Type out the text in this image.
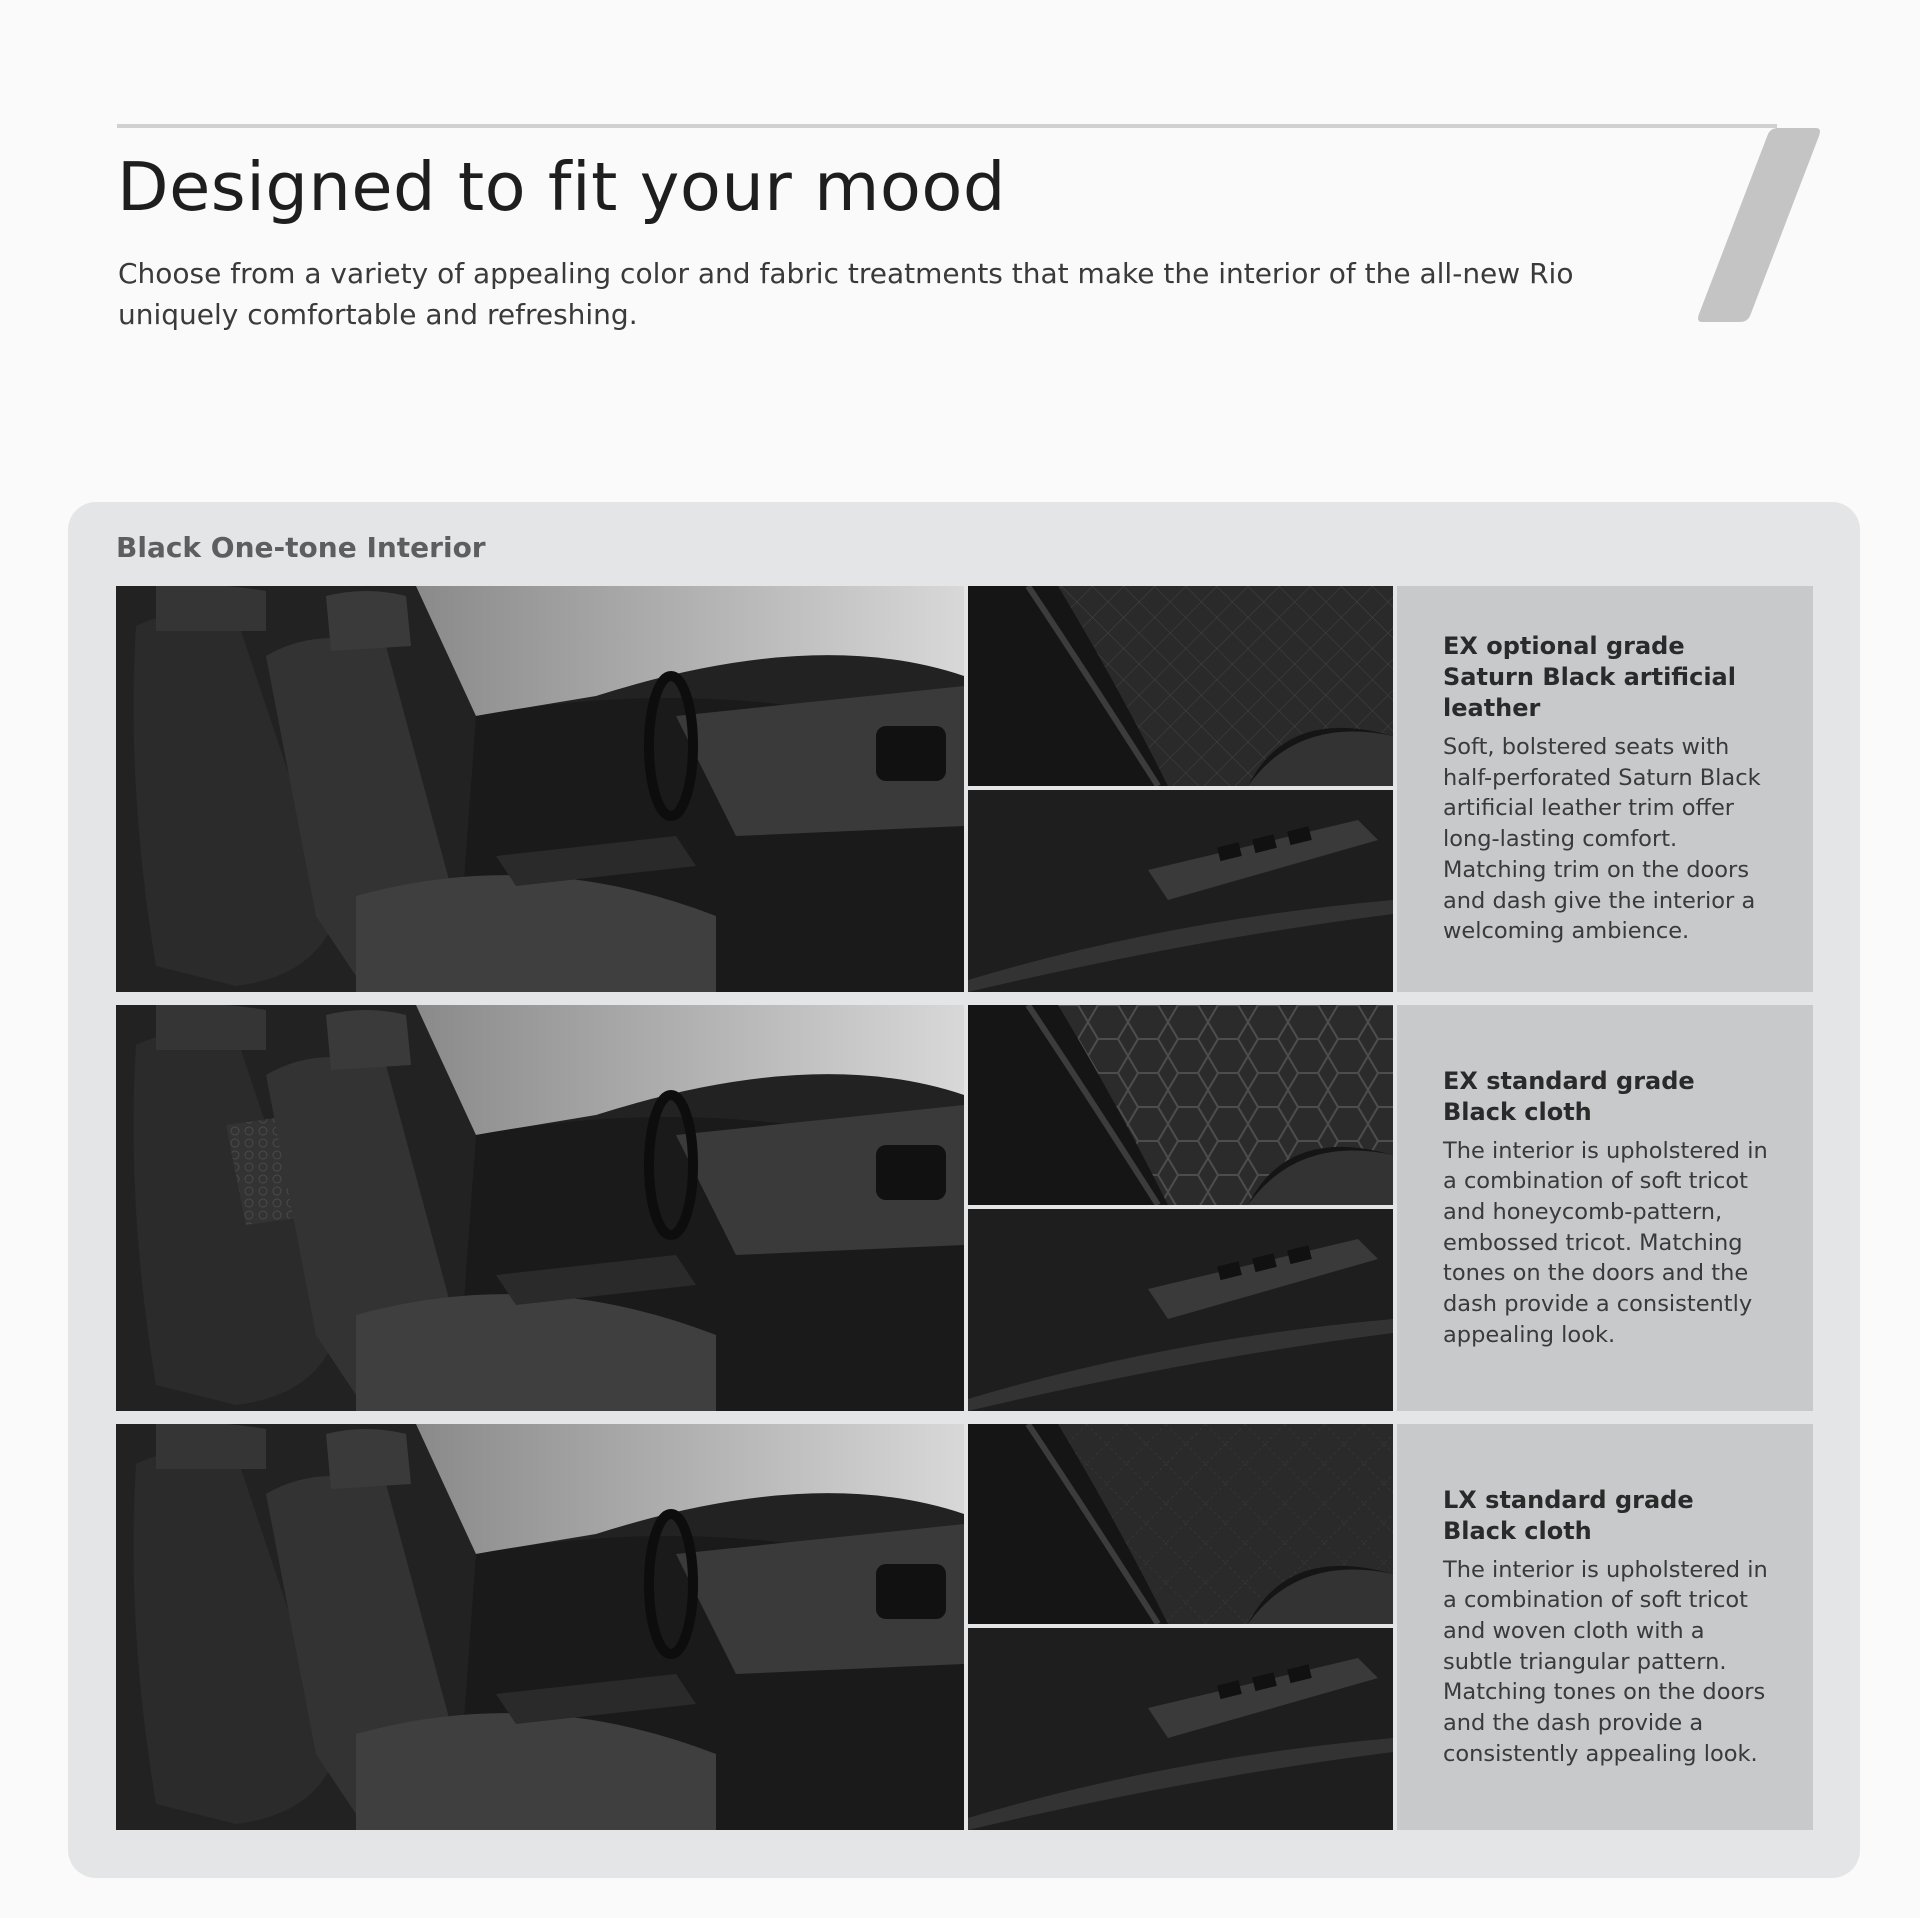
Designed to fit your mood

Choose from a variety of appealing color and fabric treatments that make the interior of the all-new Rio uniquely comfortable and refreshing.

Black One-tone Interior
EX optional grade Saturn Black artificial leather
Soft, bolstered seats with half-perforated Saturn Black artificial leather trim offer long-lasting comfort. Matching trim on the doors and dash give the interior a welcoming ambience.
EX standard grade Black cloth
The interior is upholstered in a combination of soft tricot and honeycomb-pattern, embossed tricot. Matching tones on the doors and the dash provide a consistently appealing look.
LX standard grade Black cloth
The interior is upholstered in a combination of soft tricot and woven cloth with a subtle triangular pattern. Matching tones on the doors and the dash provide a consistently appealing look.
